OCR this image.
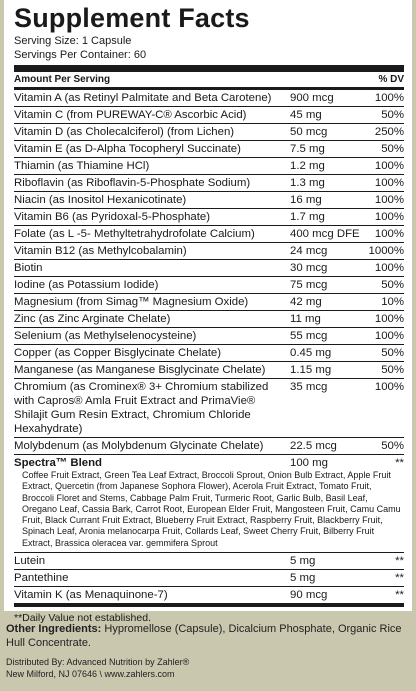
Supplement Facts
Serving Size: 1 Capsule
Servings Per Container: 60
Amount Per Serving	% DV
Vitamin A (as Retinyl Palmitate and Beta Carotene)	900 mcg	100%
Vitamin C (from PUREWAY-C® Ascorbic Acid)	45 mg	50%
Vitamin D (as Cholecalciferol) (from Lichen)	50 mcg	250%
Vitamin E (as D-Alpha Tocopheryl Succinate)	7.5 mg	50%
Thiamin (as Thiamine HCl)	1.2 mg	100%
Riboflavin (as Riboflavin-5-Phosphate Sodium)	1.3 mg	100%
Niacin (as Inositol Hexanicotinate)	16 mg	100%
Vitamin B6 (as Pyridoxal-5-Phosphate)	1.7 mg	100%
Folate (as L -5- Methyltetrahydrofolate Calcium)	400 mcg DFE	100%
Vitamin B12 (as Methylcobalamin)	24 mcg	1000%
Biotin	30 mcg	100%
Iodine (as Potassium Iodide)	75 mcg	50%
Magnesium (from Simag™ Magnesium Oxide)	42 mg	10%
Zinc (as Zinc Arginate Chelate)	11 mg	100%
Selenium (as Methylselenocysteine)	55 mcg	100%
Copper (as Copper Bisglycinate Chelate)	0.45 mg	50%
Manganese (as Manganese Bisglycinate Chelate)	1.15 mg	50%
Chromium (as Crominex® 3+ Chromium stabilized with Capros® Amla Fruit Extract and PrimaVie® Shilajit Gum Resin Extract, Chromium Chloride Hexahydrate)
35 mcg	100%
Molybdenum (as Molybdenum Glycinate Chelate)	22.5 mcg	50%
Spectra™ Blend	100 mg	**
Coffee Fruit Extract, Green Tea Leaf Extract, Broccoli Sprout, Onion Bulb Extract, Apple Fruit Extract, Quercetin (from Japanese Sophora Flower), Acerola Fruit Extract, Tomato Fruit, Broccoli Floret and Stems, Cabbage Palm Fruit, Turmeric Root, Garlic Bulb, Basil Leaf, Oregano Leaf, Cassia Bark, Carrot Root, European Elder Fruit, Mangosteen Fruit, Camu Camu Fruit, Black Currant Fruit Extract, Blueberry Fruit Extract, Raspberry Fruit, Blackberry Fruit, Spinach Leaf, Aronia melanocarpa Fruit, Collards Leaf, Sweet Cherry Fruit, Bilberry Fruit Extract, Brassica oleracea var. gemmifera Sprout
Lutein	5 mg	**
Pantethine	5 mg	**
Vitamin K (as Menaquinone-7)	90 mcg	**
**Daily Value not established.
Other Ingredients: Hypromellose (Capsule), Dicalcium Phosphate, Organic Rice Hull Concentrate.
Distributed By: Advanced Nutrition by Zahler®
New Milford, NJ 07646 \ www.zahlers.com
